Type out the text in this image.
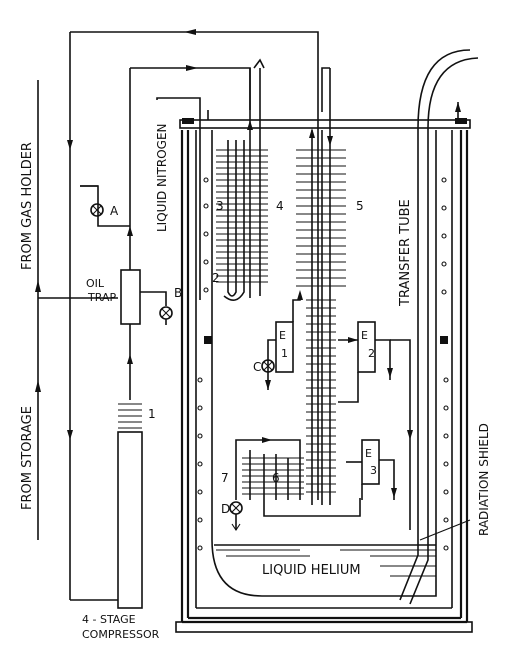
FROM GAS HOLDER
FROM STORAGE
LIQUID NITROGEN
OIL
TRAP
A
B
C
D
1
2
3	4	5
6
7
E
1
E
2
E
3
TRANSFER TUBE
RADIATION SHIELD
LIQUID HELIUM
4 - STAGE
COMPRESSOR
